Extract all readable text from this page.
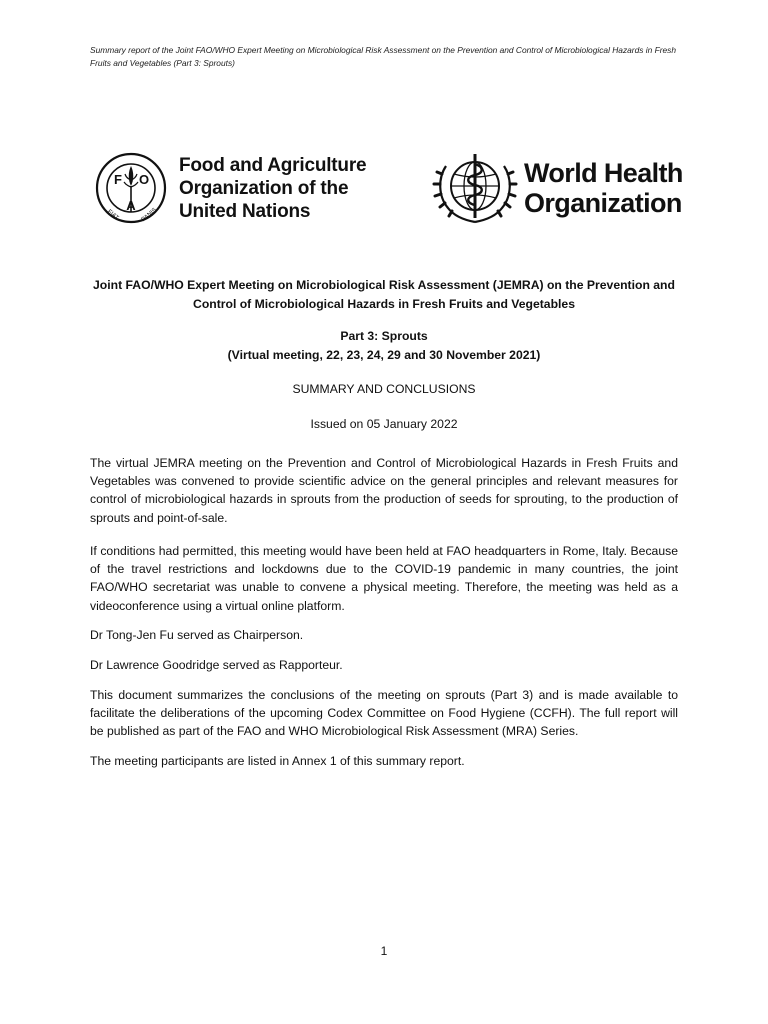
Summary report of the Joint FAO/WHO Expert Meeting on Microbiological Risk Assessment on the Prevention and Control of Microbiological Hazards in Fresh Fruits and Vegetables (Part 3: Sprouts)
F
A
O
FIAT	PANIS
Food and Agriculture
Organization of the
United Nations
World Health
Organization
Joint FAO/WHO Expert Meeting on Microbiological Risk Assessment (JEMRA) on the Prevention and
Control of Microbiological Hazards in Fresh Fruits and Vegetables
Part 3: Sprouts
(Virtual meeting, 22, 23, 24, 29 and 30 November 2021)
SUMMARY AND CONCLUSIONS
Issued on 05 January 2022

The virtual JEMRA meeting on the Prevention and Control of Microbiological Hazards in Fresh Fruits and Vegetables was convened to provide scientific advice on the general principles and relevant measures for control of microbiological hazards in sprouts from the production of seeds for sprouting, to the production of sprouts and point-of-sale.

If conditions had permitted, this meeting would have been held at FAO headquarters in Rome, Italy. Because of the travel restrictions and lockdowns due to the COVID-19 pandemic in many countries, the joint FAO/WHO secretariat was unable to convene a physical meeting. Therefore, the meeting was held as a videoconference using a virtual online platform.

Dr Tong-Jen Fu served as Chairperson.

Dr Lawrence Goodridge served as Rapporteur.

This document summarizes the conclusions of the meeting on sprouts (Part 3) and is made available to facilitate the deliberations of the upcoming Codex Committee on Food Hygiene (CCFH). The full report will be published as part of the FAO and WHO Microbiological Risk Assessment (MRA) Series.

The meeting participants are listed in Annex 1 of this summary report.

1
